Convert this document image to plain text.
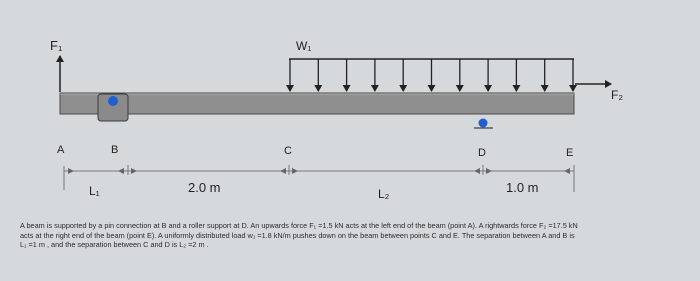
F₁
F₂
W₁
A	B	C	D	E
L₁	2.0 m	L₂	1.0 m
A beam is supported by a pin connection at B and a roller support at D. An upwards force F₁ =1.5 kN acts at the left end of the beam (point A). A rightwards force F₂ =17.5 kN
acts at the right end of the beam (point E). A uniformly distributed load w₁ =1.8 kN/m pushes down on the beam between points C and E. The separation between A and B is
L₁ =1 m , and the separation between C and D is L₂ =2 m .
